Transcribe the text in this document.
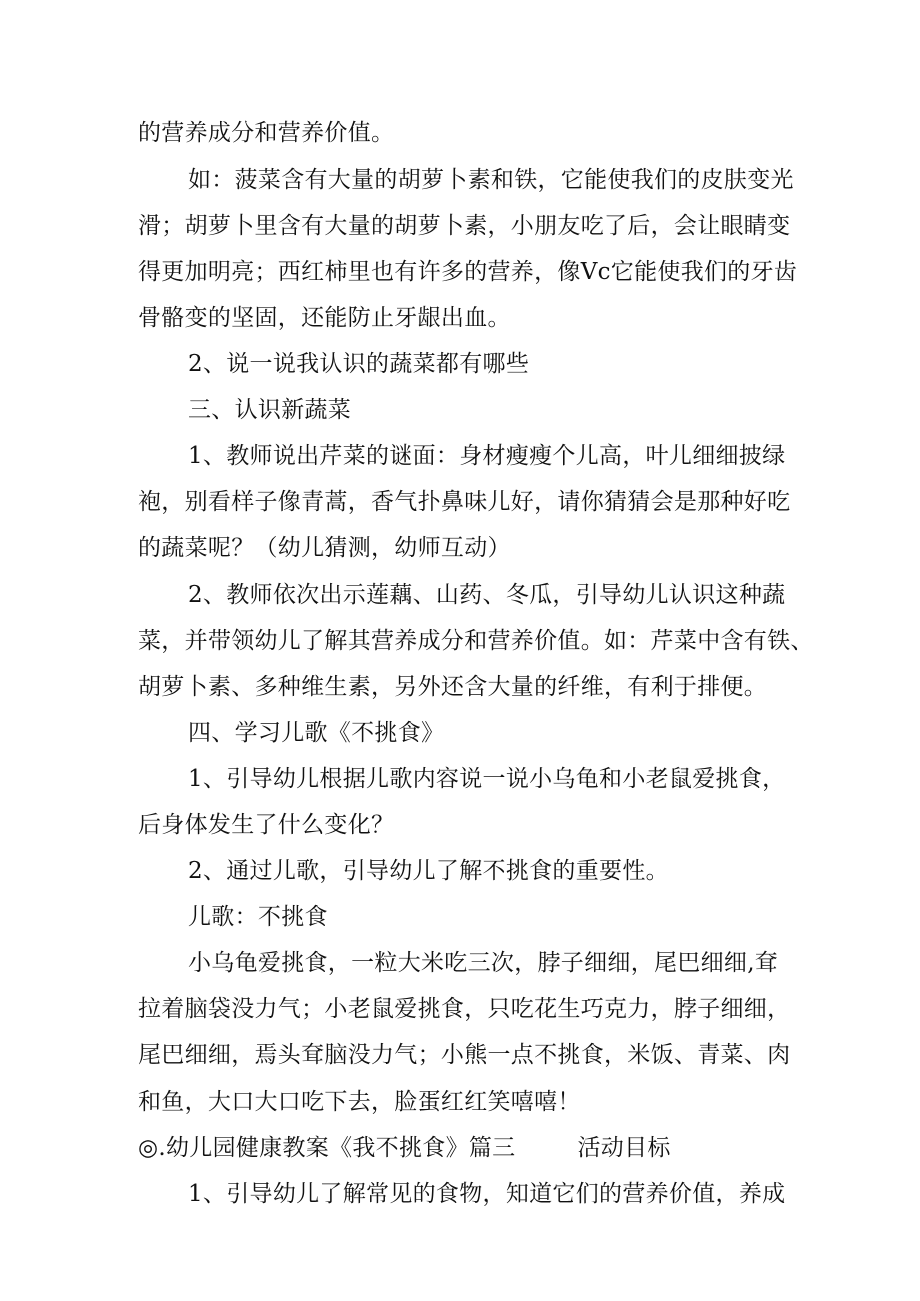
的营养成分和营养价值。
如：菠菜含有大量的胡萝卜素和铁，它能使我们的皮肤变光
滑；胡萝卜里含有大量的胡萝卜素，小朋友吃了后，会让眼睛变
得更加明亮；西红柿里也有许多的营养，像Vc它能使我们的牙齿
骨骼变的坚固，还能防止牙龈出血。
2、说一说我认识的蔬菜都有哪些
三、认识新蔬菜
1、教师说出芹菜的谜面：身材瘦瘦个儿高，叶儿细细披绿
袍，别看样子像青蒿，香气扑鼻味儿好，请你猜猜会是那种好吃
的蔬菜呢？（幼儿猜测，幼师互动）
2、教师依次出示莲藕、山药、冬瓜，引导幼儿认识这种蔬
菜，并带领幼儿了解其营养成分和营养价值。如：芹菜中含有铁、
胡萝卜素、多种维生素，另外还含大量的纤维，有利于排便。
四、学习儿歌《不挑食》
1、引导幼儿根据儿歌内容说一说小乌龟和小老鼠爱挑食，
后身体发生了什么变化？
2、通过儿歌，引导幼儿了解不挑食的重要性。
儿歌：不挑食
小乌龟爱挑食，一粒大米吃三次，脖子细细，尾巴细细,耷
拉着脑袋没力气；小老鼠爱挑食，只吃花生巧克力，脖子细细，
尾巴细细，焉头耷脑没力气；小熊一点不挑食，米饭、青菜、肉
和鱼，大口大口吃下去，脸蛋红红笑嘻嘻！
◎.幼儿园健康教案《我不挑食》篇三	活动目标
1、引导幼儿了解常见的食物，知道它们的营养价值，养成
